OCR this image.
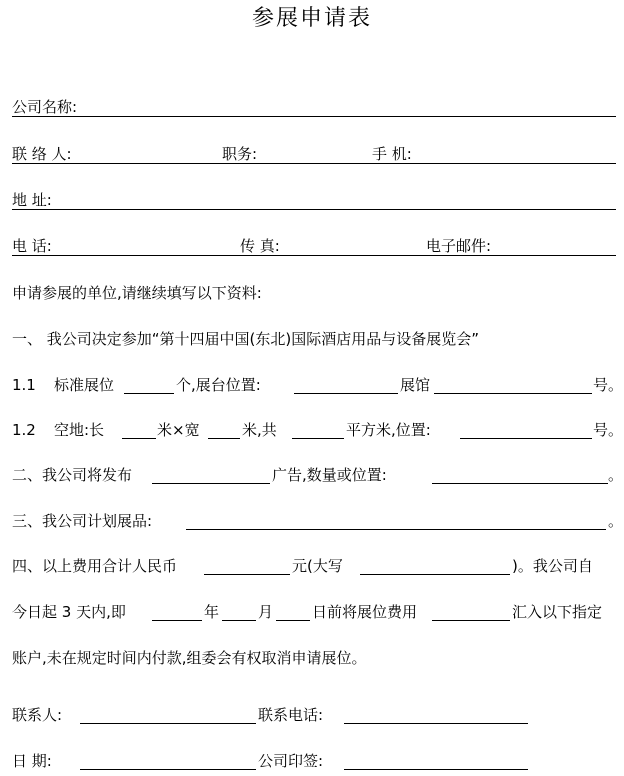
参展申请表
公司名称:
联 络 人:	职务:	手 机:
地 址:
电 话:	传 真:	电子邮件:
申请参展的单位,请继续填写以下资料:
一、 我公司决定参加“第十四届中国(东北)国际酒店用品与设备展览会”
1.1 标准展位	个,展台位置:	展馆	号。
1.2 空地:长	米×宽	米,共	平方米,位置:	号。
二、我公司将发布	广告,数量或位置:	。
三、我公司计划展品:	。
四、以上费用合计人民币	元(大写	)。我公司自
今日起 3 天内,即	年	月	日前将展位费用	汇入以下指定
账户,未在规定时间内付款,组委会有权取消申请展位。
联系人:	联系电话:
日 期:	公司印签:
